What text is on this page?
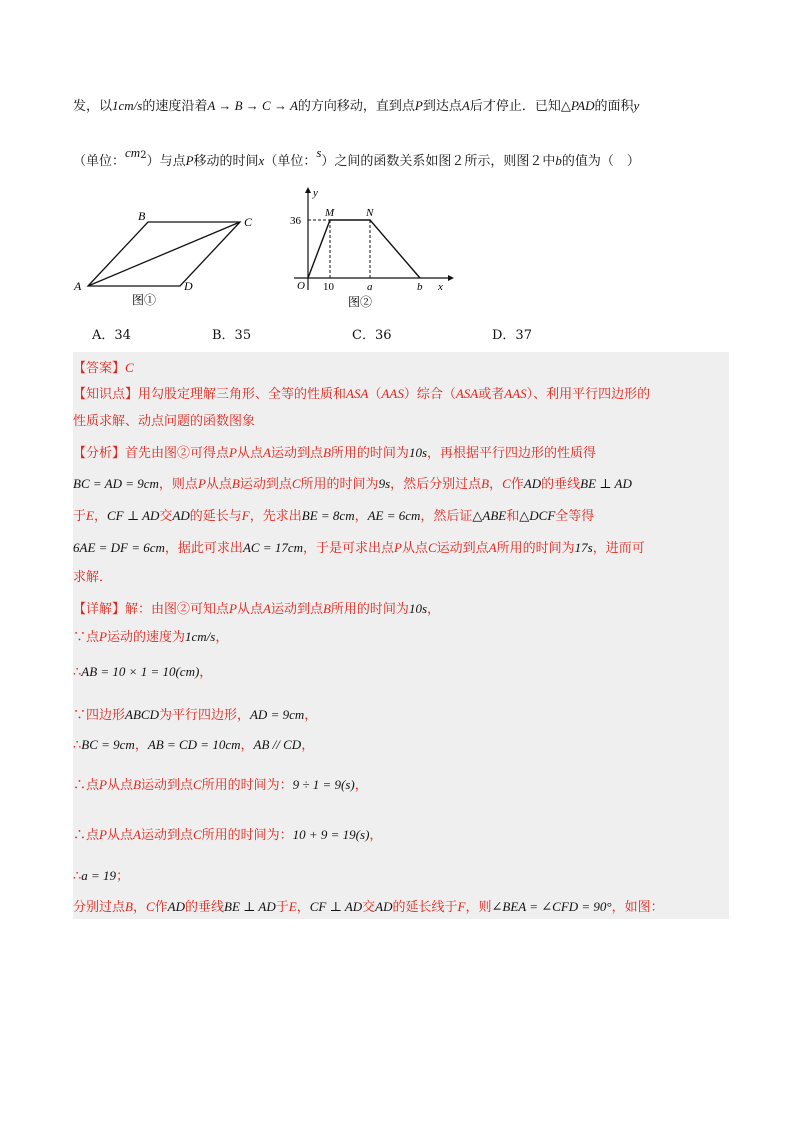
发，以1cm/s的速度沿着A → B → C → A的方向移动，直到点P到达点A后才停止．已知△PAD的面积y
（单位：$cm^2$）与点P移动的时间x（单位：s）之间的函数关系如图２所示，则图２中b的值为（　）
A
B	C
D
图①
y
x
O
M	N
36
10	a	b
图②
A．34	B．35	C．36	D．37
【答案】C
【知识点】用勾股定理解三角形、全等的性质和ASA（AAS）综合（ASA或者AAS）、利用平行四边形的
性质求解、动点问题的函数图象
【分析】首先由图②可得点P从点A运动到点B所用的时间为10s，再根据平行四边形的性质得
BC = AD = 9cm，则点P从点B运动到点C所用的时间为9s，然后分别过点B，C作AD的垂线BE ⊥ AD
于E，CF ⊥ AD交AD的延长与F，先求出BE = 8cm，AE = 6cm，然后证△ABE和△DCF全等得
6AE = DF = 6cm，据此可求出AC = 17cm，于是可求出点P从点C运动到点A所用的时间为17s，进而可
求解．
【详解】解：由图②可知点P从点A运动到点B所用的时间为10s，
∵点P运动的速度为1cm/s，
∴AB = 10 × 1 = 10(cm)，
∵四边形ABCD为平行四边形，AD = 9cm，
∴BC = 9cm，AB = CD = 10cm，AB // CD，
∴点P从点B运动到点C所用的时间为：9 ÷ 1 = 9(s)，
∴点P从点A运动到点C所用的时间为：10 + 9 = 19(s)，
∴a = 19；
分别过点B，C作AD的垂线BE ⊥ AD于E，CF ⊥ AD交AD的延长线于F，则∠BEA = ∠CFD = 90°，如图：
